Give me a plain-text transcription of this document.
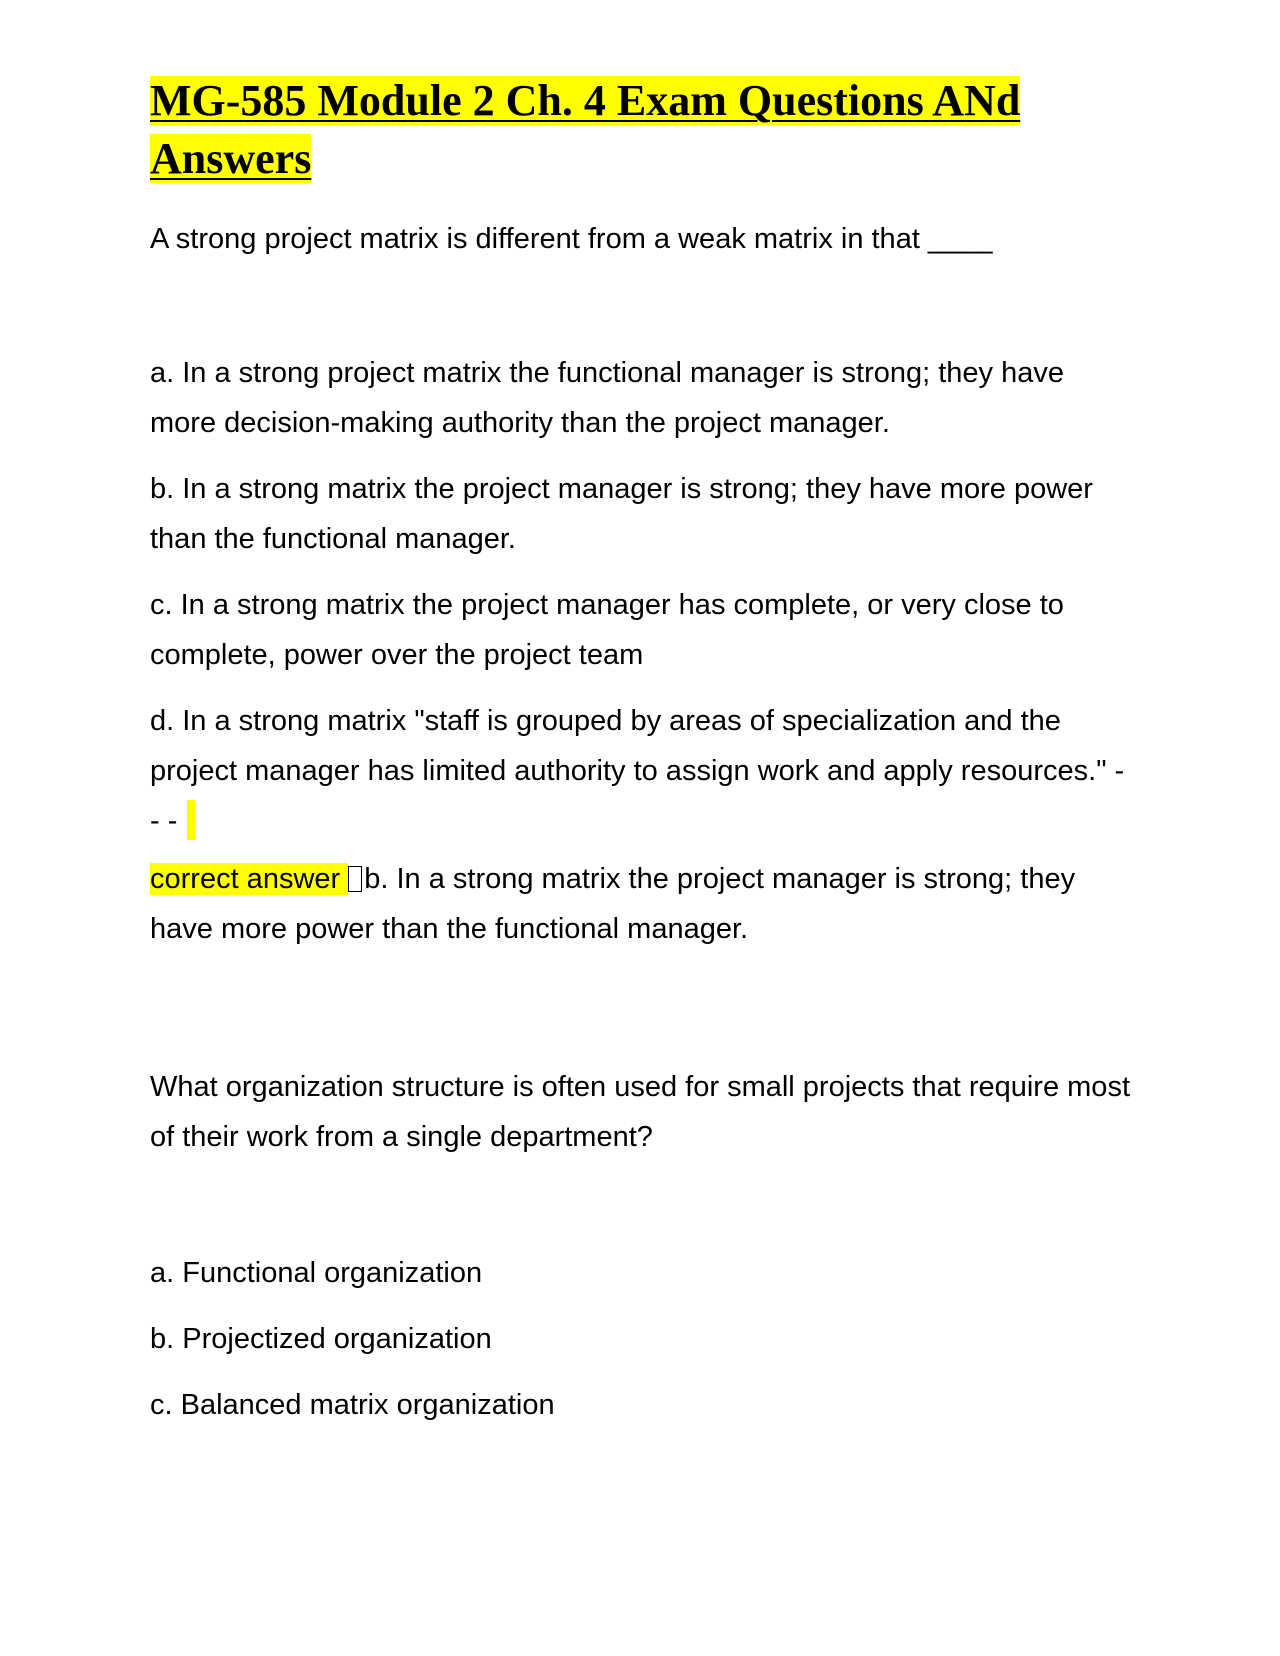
MG-585 Module 2 Ch. 4 Exam Questions ANd Answers

A strong project matrix is different from a weak matrix in that ____

a. In a strong project matrix the functional manager is strong; they have more decision-making authority than the project manager.

b. In a strong matrix the project manager is strong; they have more power than the functional manager.

c. In a strong matrix the project manager has complete, or very close to complete, power over the project team

d. In a strong matrix "staff is grouped by areas of specialization and the project manager has limited authority to assign work and apply resources." - - -

correct answer b. In a strong matrix the project manager is strong; they have more power than the functional manager.

What organization structure is often used for small projects that require most of their work from a single department?

a. Functional organization

b. Projectized organization

c. Balanced matrix organization
